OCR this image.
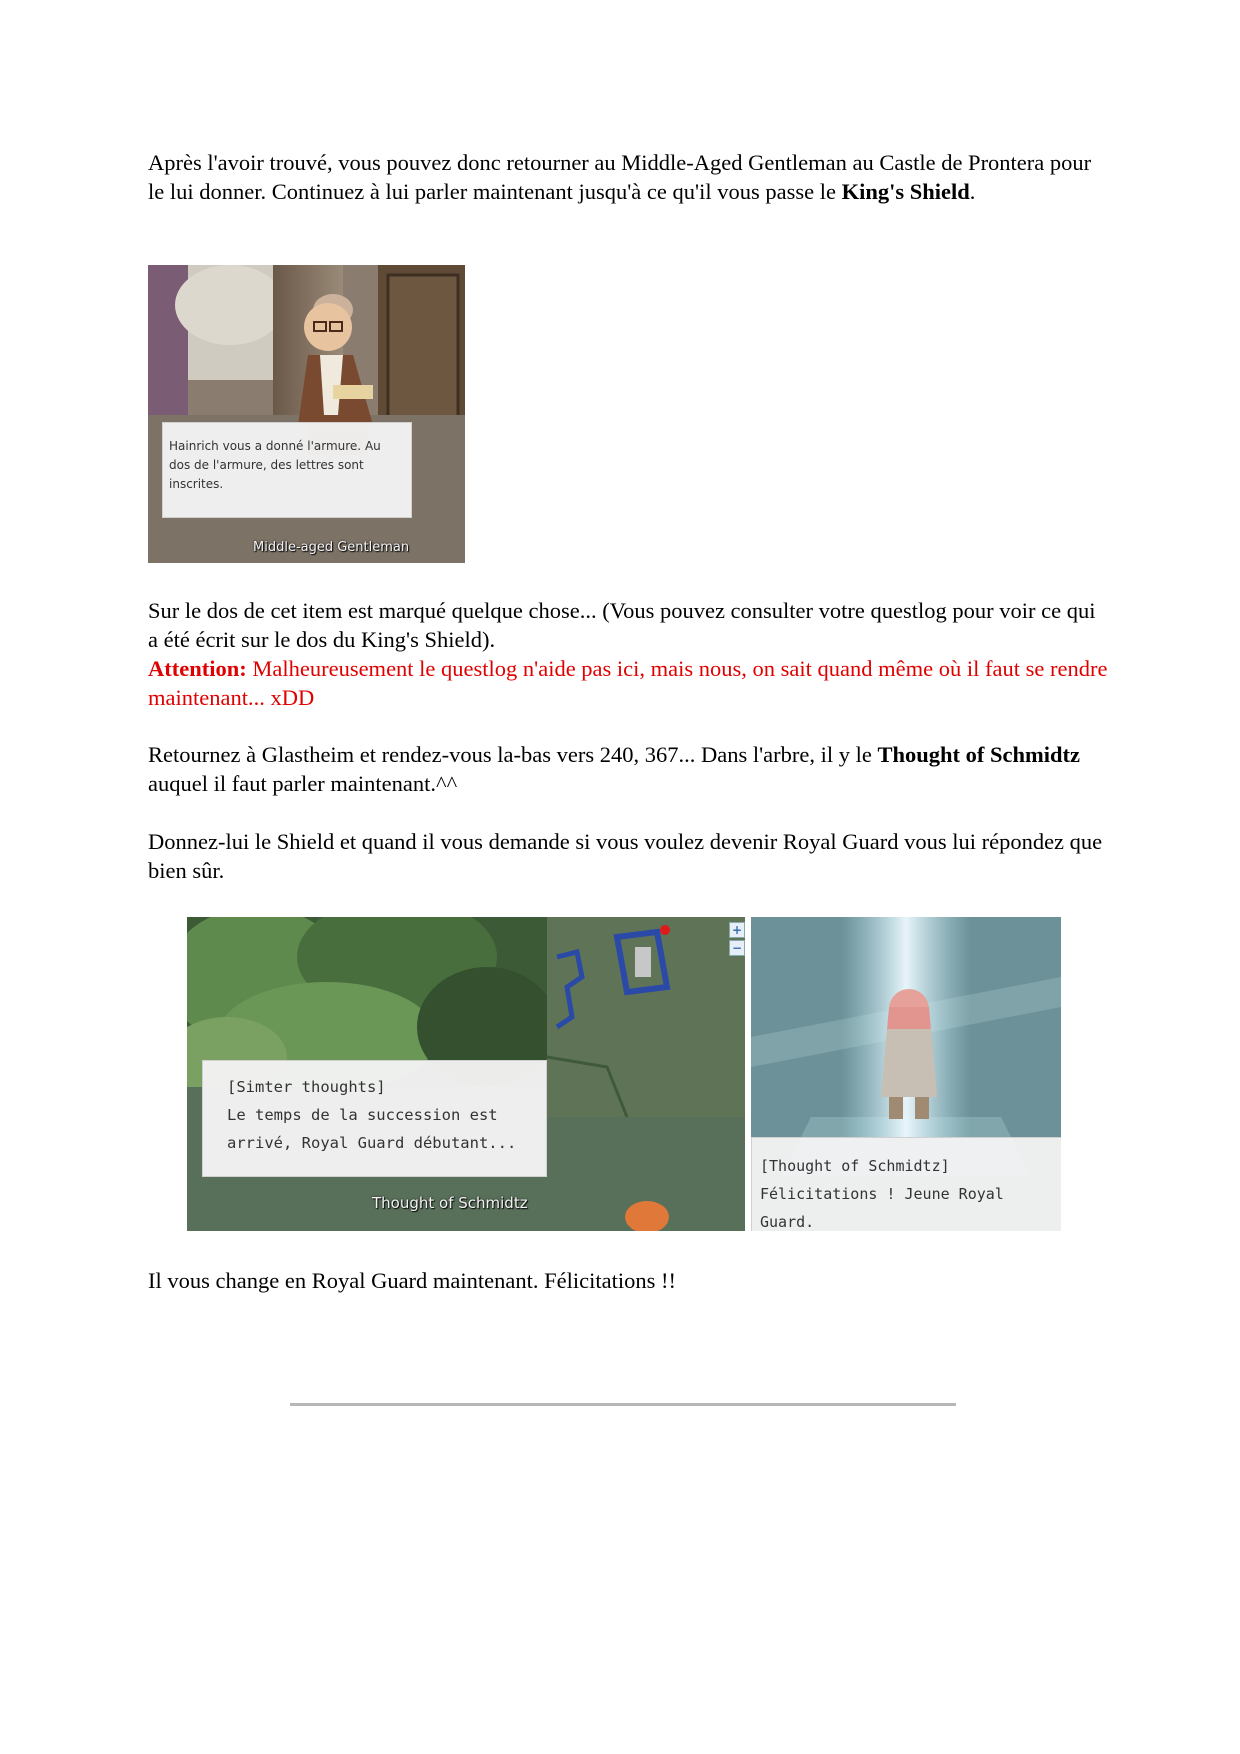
Après l'avoir trouvé, vous pouvez donc retourner au Middle-Aged Gentleman au Castle de Prontera pour le lui donner. Continuez à lui parler maintenant jusqu'à ce qu'il vous passe le King's Shield.

Hainrich vous a donné l'armure. Au
dos de l'armure, des lettres sont
inscrites.
Middle-aged Gentleman

Sur le dos de cet item est marqué quelque chose... (Vous pouvez consulter votre questlog pour voir ce qui a été écrit sur le dos du King's Shield).
Attention: Malheureusement le questlog n'aide pas ici, mais nous, on sait quand même où il faut se rendre maintenant... xDD

Retournez à Glastheim et rendez-vous la-bas vers 240, 367... Dans l'arbre, il y le Thought of Schmidtz auquel il faut parler maintenant.^^

Donnez-lui le Shield et quand il vous demande si vous voulez devenir Royal Guard vous lui répondez que bien sûr.

+
−
[Simter thoughts]
Le temps de la succession est
arrivé, Royal Guard débutant...
Thought of Schmidtz
[Thought of Schmidtz]
Félicitations ! Jeune Royal Guard.

Il vous change en Royal Guard maintenant. Félicitations !!
